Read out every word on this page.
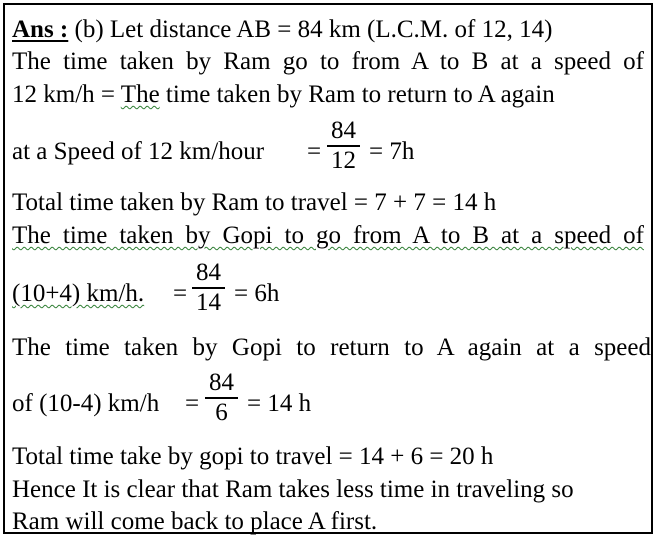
Ans : (b) Let distance AB = 84 km (L.C.M. of 12, 14)
The time taken by Ram go to from A to B at a speed of
12 km/h = The time taken by Ram to return to A again
at a Speed of 12 km/hour =
84
12 = 7h
Total time taken by Ram to travel = 7 + 7 = 14 h
The time taken by Gopi to go from A to B at a speed of
(10+4) km/h. =
84
14 = 6h
The time taken by Gopi to return to A again at a speed
of (10-4) km/h =
84
6 = 14 h
Total time take by gopi to travel = 14 + 6 = 20 h
Hence It is clear that Ram takes less time in traveling so
Ram will come back to place A first.
